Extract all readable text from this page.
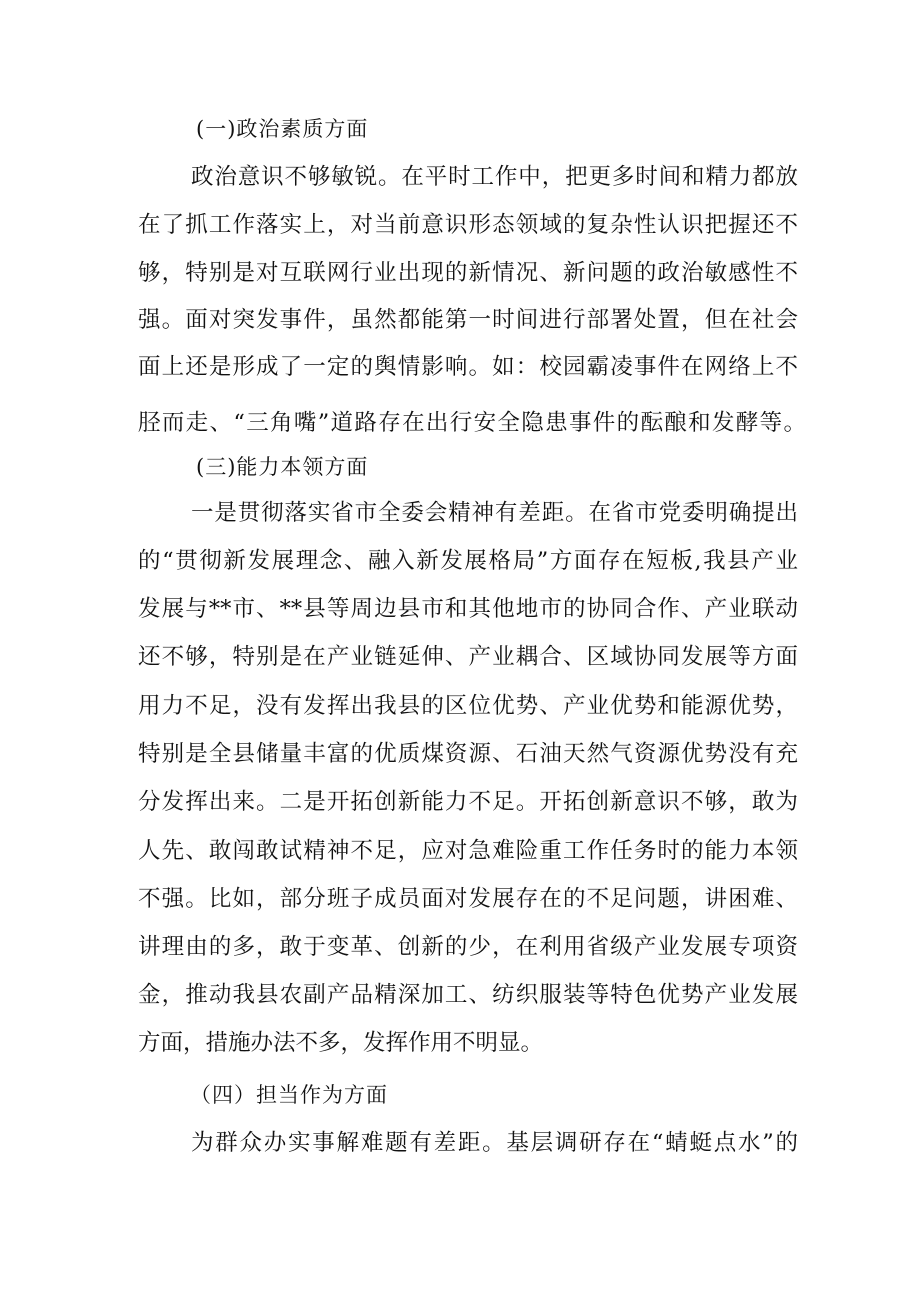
(一)政治素质方面
政治意识不够敏锐。在平时工作中，把更多时间和精力都放
在了抓工作落实上，对当前意识形态领域的复杂性认识把握还不
够，特别是对互联网行业出现的新情况、新问题的政治敏感性不
强。面对突发事件，虽然都能第一时间进行部署处置，但在社会
面上还是形成了一定的舆情影响。如：校园霸凌事件在网络上不
胫而走、“三角嘴”道路存在出行安全隐患事件的酝酿和发酵等。
(三)能力本领方面
一是贯彻落实省市全委会精神有差距。在省市党委明确提出
的“贯彻新发展理念、融入新发展格局”方面存在短板,我县产业
发展与**市、**县等周边县市和其他地市的协同合作、产业联动
还不够，特别是在产业链延伸、产业耦合、区域协同发展等方面
用力不足，没有发挥出我县的区位优势、产业优势和能源优势，
特别是全县储量丰富的优质煤资源、石油天然气资源优势没有充
分发挥出来。二是开拓创新能力不足。开拓创新意识不够，敢为
人先、敢闯敢试精神不足，应对急难险重工作任务时的能力本领
不强。比如，部分班子成员面对发展存在的不足问题，讲困难、
讲理由的多，敢于变革、创新的少，在利用省级产业发展专项资
金，推动我县农副产品精深加工、纺织服装等特色优势产业发展
方面，措施办法不多，发挥作用不明显。
（四）担当作为方面
为群众办实事解难题有差距。基层调研存在“蜻蜓点水”的
